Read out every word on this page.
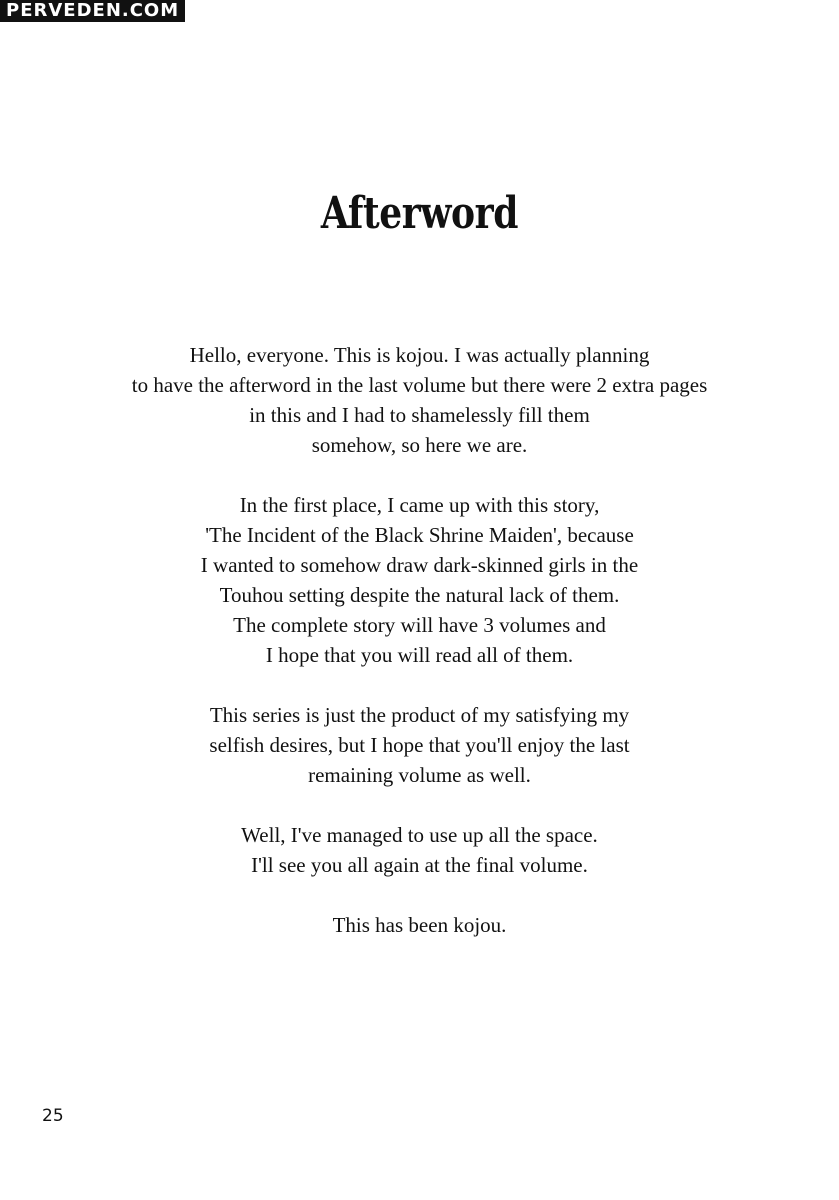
PERVEDEN.COM
Afterword

Hello, everyone. This is kojou. I was actually planning
to have the afterword in the last volume but there were 2 extra pages
in this and I had to shamelessly fill them
somehow, so here we are.

In the first place, I came up with this story,
'The Incident of the Black Shrine Maiden', because
I wanted to somehow draw dark-skinned girls in the
Touhou setting despite the natural lack of them.
The complete story will have 3 volumes and
I hope that you will read all of them.

This series is just the product of my satisfying my
selfish desires, but I hope that you'll enjoy the last
remaining volume as well.

Well, I've managed to use up all the space.
I'll see you all again at the final volume.

This has been kojou.

25
